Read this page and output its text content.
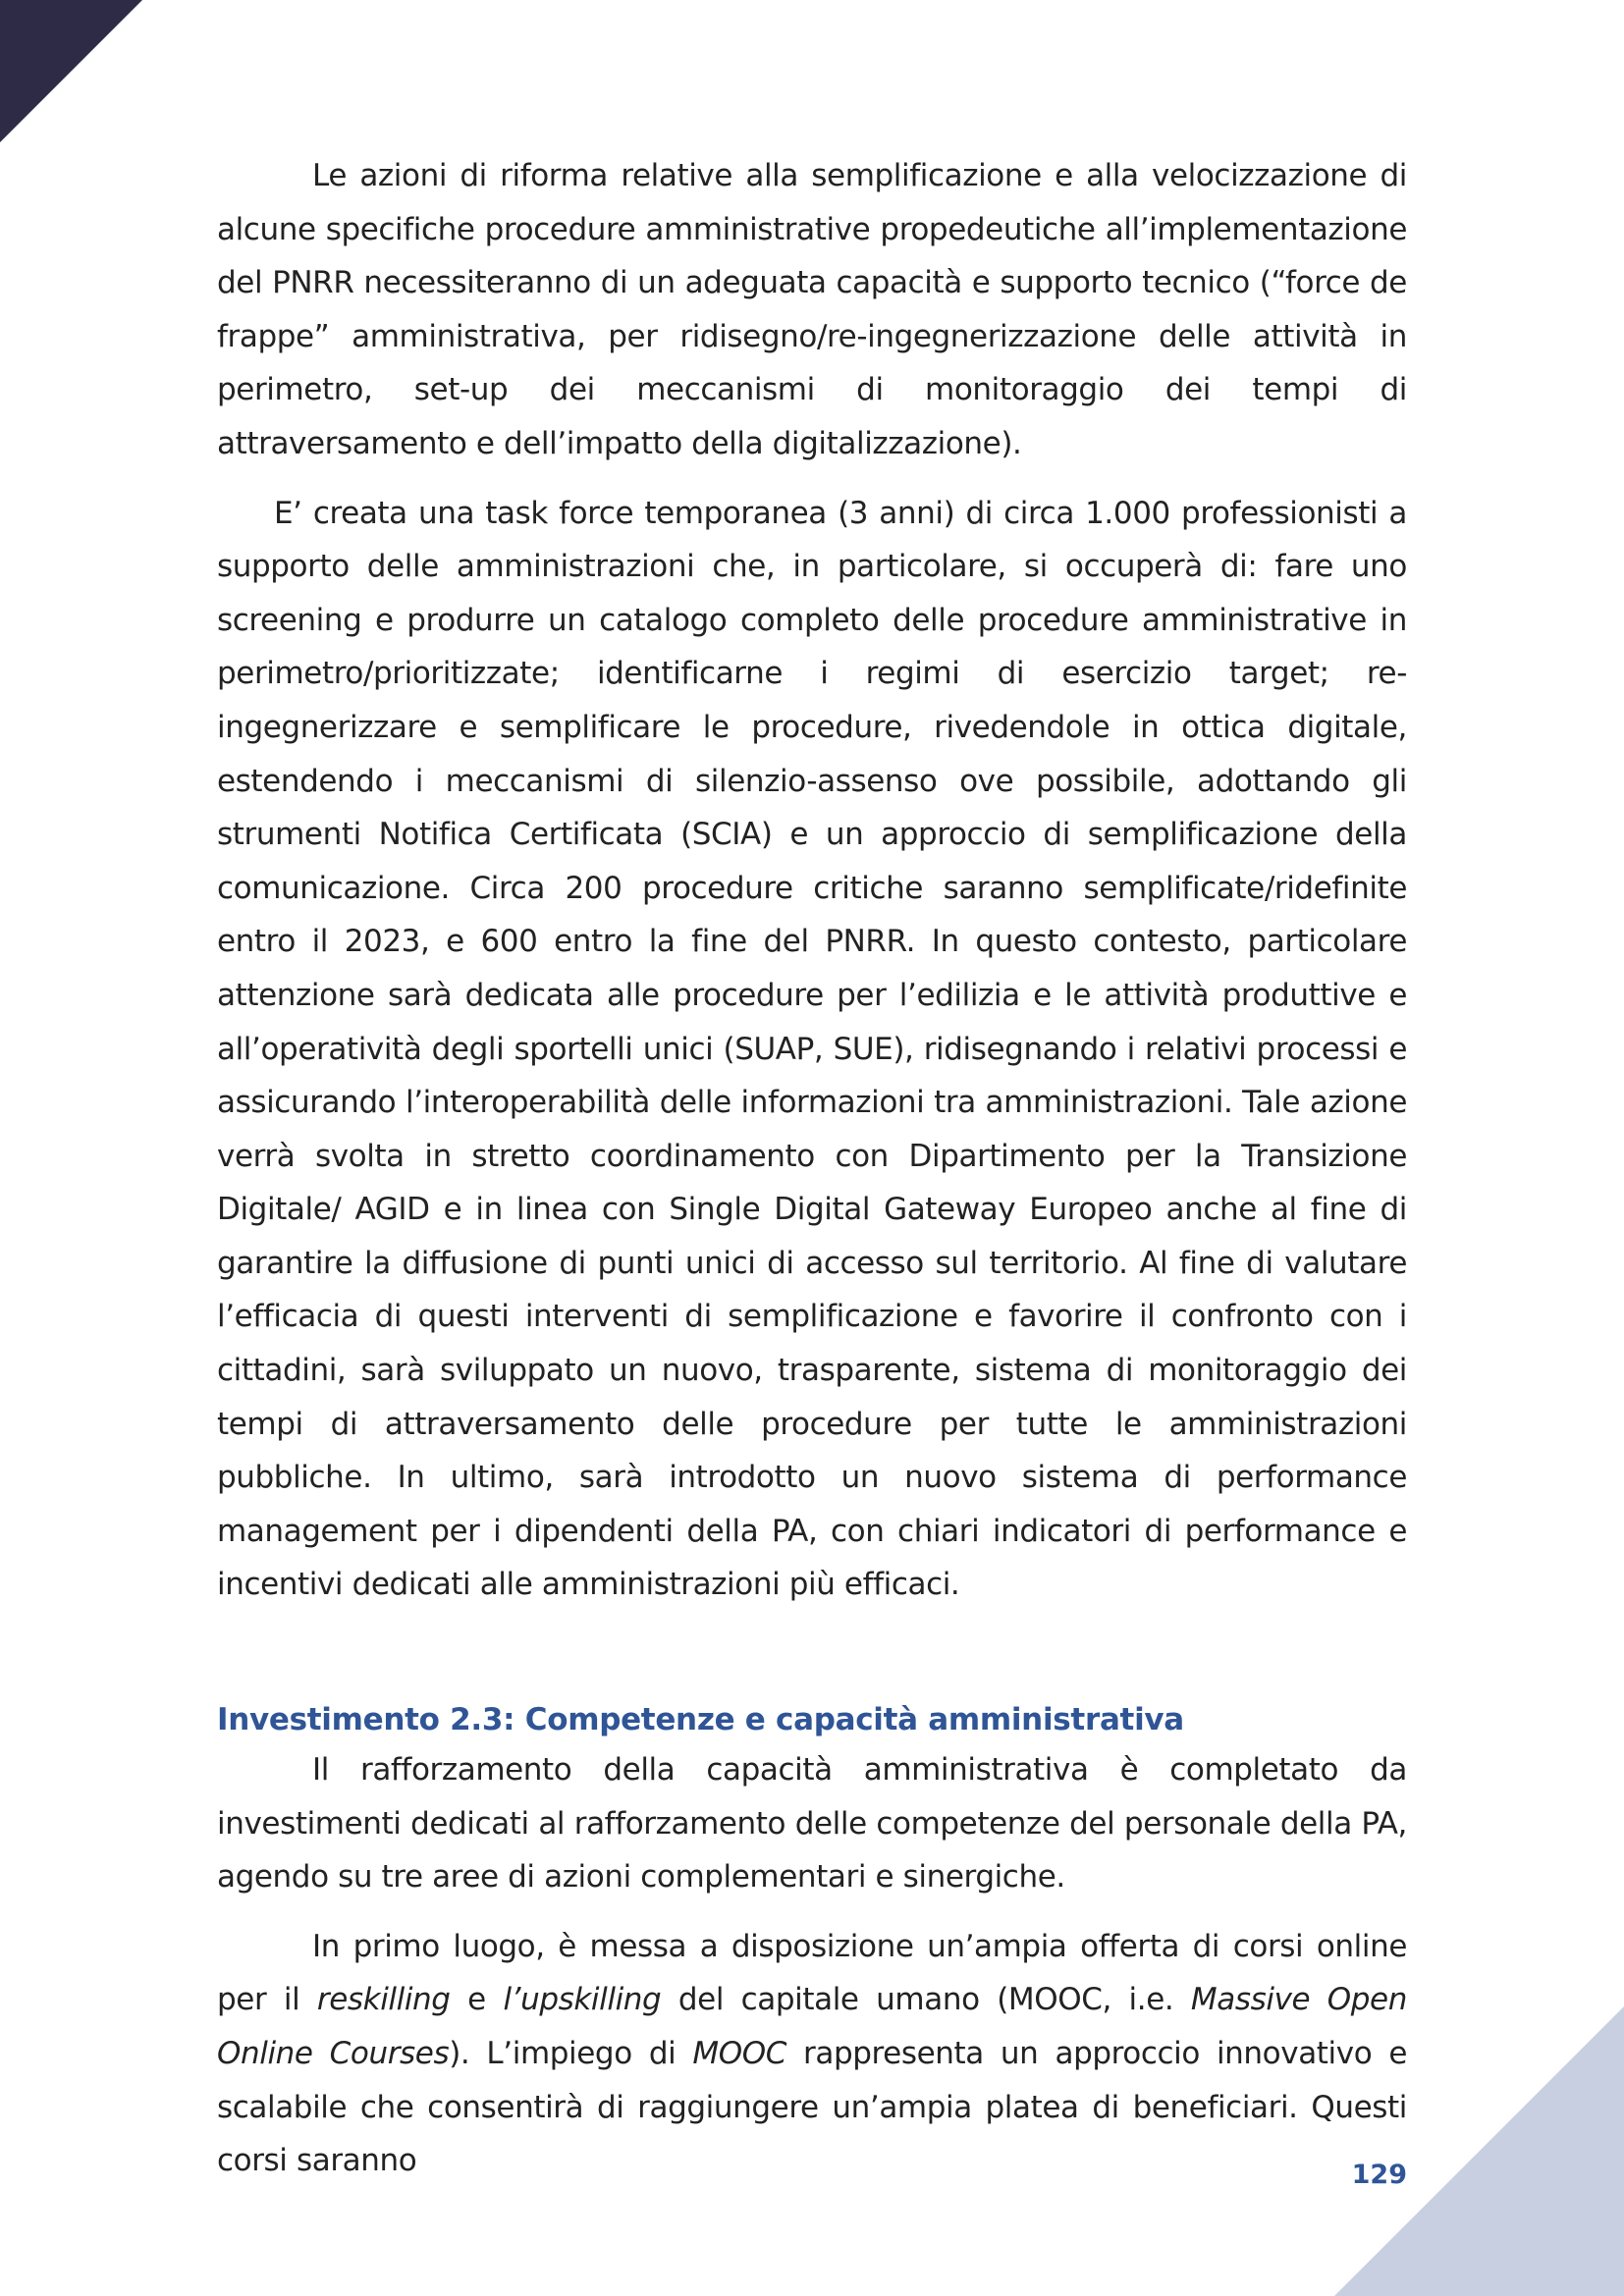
Le azioni di riforma relative alla semplificazione e alla velocizzazione di alcune specifiche procedure amministrative propedeutiche all’implementazione del PNRR necessiteranno di un adeguata capacità e supporto tecnico (“force de frappe” amministrativa, per ridisegno/re-ingegnerizzazione delle attività in perimetro, set-up dei meccanismi di monitoraggio dei tempi di attraversamento e dell’impatto della digitalizzazione).

E’ creata una task force temporanea (3 anni) di circa 1.000 professionisti a supporto delle amministrazioni che, in particolare, si occuperà di: fare uno screening e produrre un catalogo completo delle procedure amministrative in perimetro/prioritizzate; identificarne i regimi di esercizio target; re-ingegnerizzare e semplificare le procedure, rivedendole in ottica digitale, estendendo i meccanismi di silenzio-assenso ove possibile, adottando gli strumenti Notifica Certificata (SCIA) e un approccio di semplificazione della comunicazione. Circa 200 procedure critiche saranno semplificate/ridefinite entro il 2023, e 600 entro la fine del PNRR. In questo contesto, particolare attenzione sarà dedicata alle procedure per l’edilizia e le attività produttive e all’operatività degli sportelli unici (SUAP, SUE), ridisegnando i relativi processi e assicurando l’interoperabilità delle informazioni tra amministrazioni. Tale azione verrà svolta in stretto coordinamento con Dipartimento per la Transizione Digitale/ AGID e in linea con Single Digital Gateway Europeo anche al fine di garantire la diffusione di punti unici di accesso sul territorio. Al fine di valutare l’efficacia di questi interventi di semplificazione e favorire il confronto con i cittadini, sarà sviluppato un nuovo, trasparente, sistema di monitoraggio dei tempi di attraversamento delle procedure per tutte le amministrazioni pubbliche. In ultimo, sarà introdotto un nuovo sistema di performance management per i dipendenti della PA, con chiari indicatori di performance e incentivi dedicati alle amministrazioni più efficaci.

Investimento 2.3: Competenze e capacità amministrativa

Il rafforzamento della capacità amministrativa è completato da investimenti dedicati al rafforzamento delle competenze del personale della PA, agendo su tre aree di azioni complementari e sinergiche.

In primo luogo, è messa a disposizione un’ampia offerta di corsi online per il reskilling e l’upskilling del capitale umano (MOOC, i.e. Massive Open Online Courses). L’impiego di MOOC rappresenta un approccio innovativo e scalabile che consentirà di raggiungere un’ampia platea di beneficiari. Questi corsi saranno	129
